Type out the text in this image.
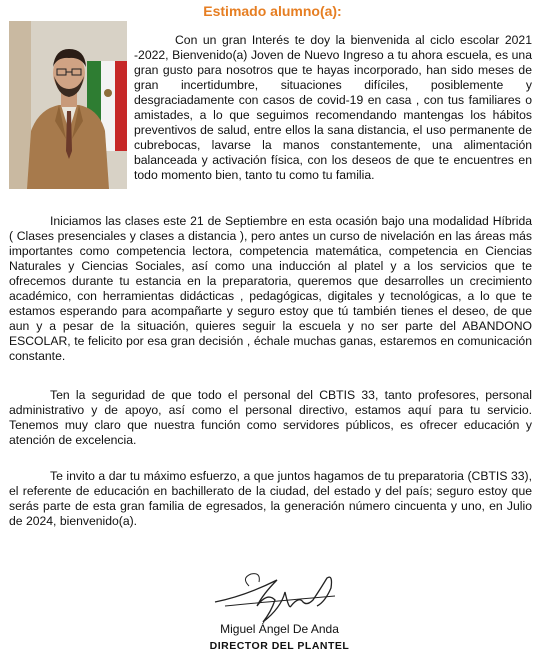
Estimado alumno(a):

Con un gran Interés te doy la bienvenida al ciclo escolar 2021 -2022, Bienvenido(a) Joven de Nuevo Ingreso a tu ahora escuela, es una gran gusto para nosotros que te hayas incorporado, han sido meses de gran incertidumbre, situaciones difíciles, posiblemente y desgraciadamente con casos de covid-19 en casa , con tus familiares o amistades, a lo que seguimos recomendando mantengas los hábitos preventivos de salud, entre ellos la sana distancia, el uso permanente de cubrebocas, lavarse la manos constantemente, una alimentación balanceada y activación física, con los deseos de que te encuentres en todo momento bien, tanto tu como tu familia.

Iniciamos las clases este 21 de Septiembre en esta ocasión bajo una modalidad Híbrida ( Clases presenciales y clases a distancia ), pero antes un curso de nivelación en las áreas más importantes como competencia lectora, competencia matemática, competencia en Ciencias Naturales y Ciencias Sociales, así como una inducción al platel y a los servicios que te ofrecemos durante tu estancia en la preparatoria, queremos que desarrolles un crecimiento académico, con herramientas didácticas , pedagógicas, digitales y tecnológicas, a lo que te estamos esperando para acompañarte y seguro estoy que tú también tienes el deseo, de que aun y a pesar de la situación, quieres seguir la escuela y no ser parte del ABANDONO ESCOLAR, te felicito por esa gran decisión , échale muchas ganas, estaremos en comunicación constante.

Ten la seguridad de que todo el personal del CBTIS 33, tanto profesores, personal administrativo y de apoyo, así como el personal directivo, estamos aquí para tu servicio. Tenemos muy claro que nuestra función como servidores públicos, es ofrecer educación y atención de excelencia.

Te invito a dar tu máximo esfuerzo, a que juntos hagamos de tu preparatoria (CBTIS 33), el referente de educación en bachillerato de la ciudad, del estado y del país; seguro estoy que serás parte de esta gran familia de egresados, la generación número cincuenta y uno, en Julio de 2024, bienvenido(a).

Miguel Ángel De Anda
DIRECTOR DEL PLANTEL
